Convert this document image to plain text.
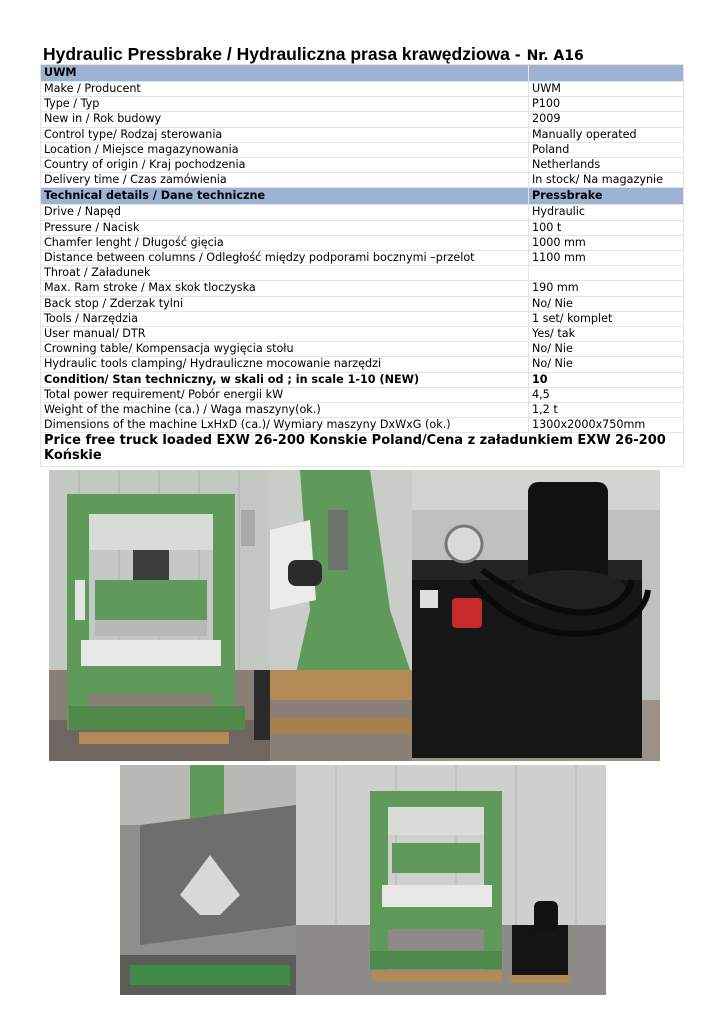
Hydraulic Pressbrake / Hydrauliczna prasa krawędziowa - Nr. A16
UWM	
Make / Producent	UWM
Type / Typ	P100
New in / Rok budowy	2009
Control type/ Rodzaj sterowania	Manually operated
Location / Miejsce magazynowania	Poland
Country of origin / Kraj pochodzenia	Netherlands
Delivery time / Czas zamówienia	In stock/ Na magazynie
Technical details / Dane techniczne	Pressbrake
Drive / Napęd	Hydraulic
Pressure / Nacisk	100 t
Chamfer lenght / Długość gięcia	1000 mm
Distance between columns / Odległość między podporami bocznymi –przelot	1100 mm
Throat / Załadunek	
Max. Ram stroke / Max skok tloczyska	190 mm
Back stop / Zderzak tylni	No/ Nie
Tools / Narzędzia	1 set/ komplet
User manual/ DTR	Yes/ tak
Crowning table/ Kompensacja wygięcia stołu	No/ Nie
Hydraulic tools clamping/ Hydrauliczne mocowanie narzędzi	No/ Nie
Condition/ Stan techniczny, w skali od ; in scale 1-10 (NEW)	10
Total power requirement/ Pobór energii kW	4,5
Weight of the machine (ca.) / Waga maszyny(ok.)	1,2 t
Dimensions of the machine LxHxD (ca.)/ Wymiary maszyny DxWxG (ok.)	1300x2000x750mm
Price free truck loaded EXW 26-200 Konskie Poland/Cena z załadunkiem EXW 26-200 Końskie	
